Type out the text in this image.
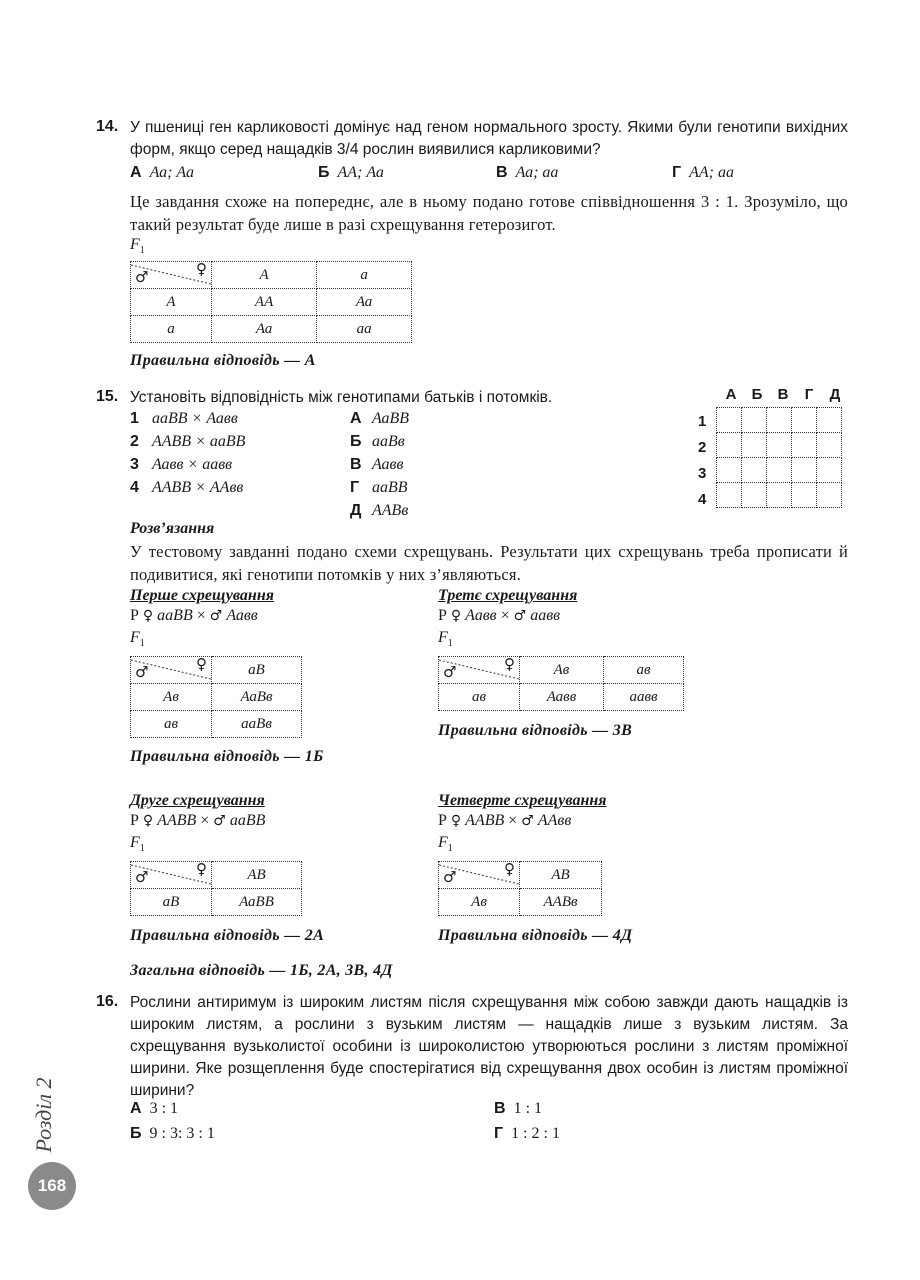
14. У пшениці ген карликовості домінує над геном нормального зросту. Якими були генотипи вихідних форм, якщо серед нащадків 3/4 рослин виявилися карликовими?
А Аа; Аа	Б АА; Аа	В Аа; аа	Г АА; аа
Це завдання схоже на попереднє, але в ньому подано готове співвідношення 3 : 1. Зрозуміло, що такий результат буде лише в разі схрещування гетерозигот.
$F_1$
♂ ♀	А	а
А	АА	Аа
а	Аа	аа
Правильна відповідь — А
15. Установіть відповідність між генотипами батьків і потомків.
1 ааВВ × Аавв
2 ААВВ × ааВВ
3 Аавв × аавв
4 ААВВ × ААвв
А АаВВ
Б ааВв
В Аавв
Г ааВВ
Д ААВв
А	Б	В	Г	Д
1
2
3
4

Розв’язання
У тестовому завданні подано схеми схрещувань. Результати цих схрещувань треба прописати й подивитися, які генотипи потомків у них з’являються.
Перше схрещування
Р ♀ ааВВ × ♂ Аавв
$F_1$
♂ ♀	аВ
Ав	АаВв
ав	ааВв
Правильна відповідь — 1Б
Третє схрещування
Р ♀ Аавв × ♂ аавв
$F_1$
♂ ♀	Ав	ав
ав	Аавв	аавв
Правильна відповідь — 3В
Друге схрещування
Р ♀ ААВВ × ♂ ааВВ
$F_1$
♂ ♀	АВ
аВ	АаВВ
Правильна відповідь — 2А
Четверте схрещування
Р ♀ ААВВ × ♂ ААвв
$F_1$
♂ ♀	АВ
Ав	ААВв
Правильна відповідь — 4Д
Загальна відповідь — 1Б, 2А, 3В, 4Д
16. Рослини антиримум із широким листям після схрещування між собою завжди дають нащадків із широким листям, а рослини з вузьким листям — нащадків лише з вузьким листям. За схрещування вузьколистої особини із широколистою утворюються рослини з листям проміжної ширини. Яке розщеплення буде спостерігатися від схрещування двох особин із листям проміжної ширини?
А 3 : 1	В 1 : 1
Б 9 : 3: 3 : 1	Г 1 : 2 : 1
Розділ 2
168
